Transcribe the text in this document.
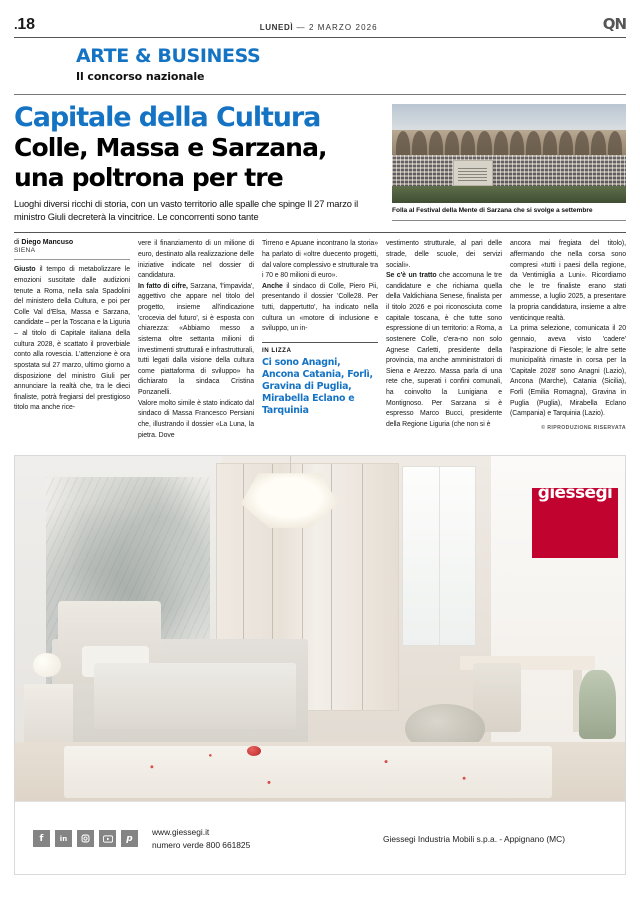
.18	LUNEDÌ — 2 MARZO 2026	QN
ARTE & BUSINESS
Il concorso nazionale
Capitale della Cultura
Colle, Massa e Sarzana,
una poltrona per tre
Luoghi diversi ricchi di storia, con un vasto territorio alle spalle che spinge Il 27 marzo il ministro Giuli decreterà la vincitrice. Le concorrenti sono tante
Folla al Festival della Mente di Sarzana che si svolge a settembre
di Diego Mancuso
SIENA

Giusto il tempo di metabolizzare le emozioni suscitate dalle audizioni tenute a Roma, nella sala Spadolini del ministero della Cultura, e poi per Colle Val d'Elsa, Massa e Sarzana, candidate – per la Toscana e la Liguria – al titolo di Capitale italiana della cultura 2028, è scattato il proverbiale conto alla rovescia. L'attenzione è ora spostata sul 27 marzo, ultimo giorno a disposizione del ministro Giuli per annunciare la realtà che, tra le dieci finaliste, potrà fregiarsi del prestigioso titolo ma anche rice-

vere il finanziamento di un milione di euro, destinato alla realizzazione delle iniziative indicate nel dossier di candidatura.

In fatto di cifre, Sarzana, 'l'impavida', aggettivo che appare nel titolo del progetto, insieme all'indicazione 'crocevia del futuro', si è esposta con chiarezza: «Abbiamo messo a sistema oltre settanta milioni di investimenti strutturali e infrastrutturali, tutti legati dalla visione della cultura come piattaforma di sviluppo» ha dichiarato la sindaca Cristina Ponzanelli.

Valore molto simile è stato indicato dal sindaco di Massa Francesco Persiani che, illustrando il dossier «La Luna, la pietra. Dove

Tirreno e Apuane incontrano la storia» ha parlato di «oltre duecento progetti, dal valore complessivo e strutturale tra i 70 e 80 milioni di euro».

Anche il sindaco di Colle, Piero Pii, presentando il dossier 'Colle28. Per tutti, dappertutto', ha indicato nella cultura un «motore di inclusione e sviluppo, un in-

IN LIZZA
Ci sono Anagni, Ancona Catania, Forlì, Gravina di Puglia, Mirabella Eclano e Tarquinia

vestimento strutturale, al pari delle strade, delle scuole, dei servizi sociali».

Se c'è un tratto che accomuna le tre candidature e che richiama quella della Valdichiana Senese, finalista per il titolo 2026 e poi riconosciuta come capitale toscana, è che tutte sono espressione di un territorio: a Roma, a sostenere Colle, c'era-no non solo Agnese Carletti, presidente della provincia, ma anche amministratori di Siena e Arezzo. Massa parla di una rete che, superati i confini comunali, ha coinvolto la Lunigiana e Montignoso. Per Sarzana si è espresso Marco Bucci, presidente della Regione Liguria (che non si è

ancora mai fregiata del titolo), affermando che nella corsa sono compresi «tutti i paesi della regione, da Ventimiglia a Luni». Ricordiamo che le tre finaliste erano stati ammesse, a luglio 2025, a presentare la propria candidatura, insieme a altre venticinque realtà.

La prima selezione, comunicata il 20 gennaio, aveva visto 'cadere' l'aspirazione di Fiesole; le altre sette municipalità rimaste in corsa per la 'Capitale 2028' sono Anagni (Lazio), Ancona (Marche), Catania (Sicilia), Forlì (Emilia Romagna), Gravina in Puglia (Puglia), Mirabella Eclano (Campania) e Tarquinia (Lazio).

© RIPRODUZIONE RISERVATA
giessegi
f in	p
www.giessegi.it
numero verde 800 661825
Giessegi Industria Mobili s.p.a. - Appignano (MC)
